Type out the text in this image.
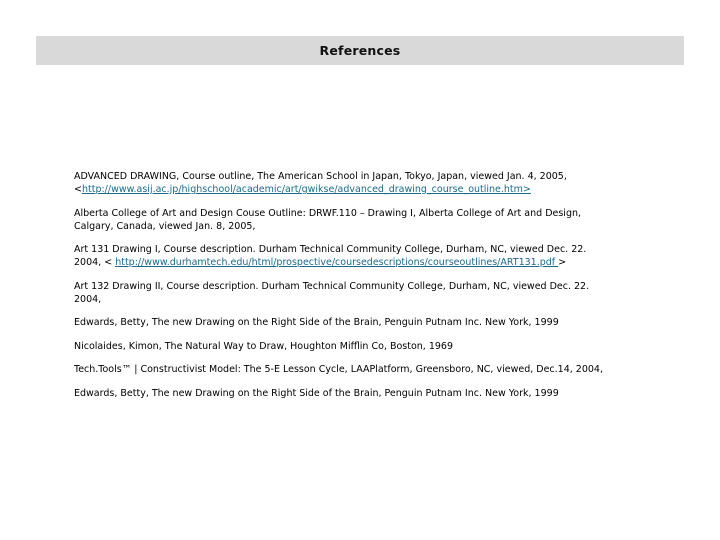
References
ADVANCED DRAWING, Course outline, The American School in Japan, Tokyo, Japan, viewed Jan. 4, 2005,
<http://www.asij.ac.jp/highschool/academic/art/gwikse/advanced_drawing_course_outline.htm>
Alberta College of Art and Design Couse Outline: DRWF.110 – Drawing I, Alberta College of Art and Design,
Calgary, Canada, viewed Jan. 8, 2005,
Art 131 Drawing I, Course description. Durham Technical Community College, Durham, NC, viewed Dec. 22.
2004, < http://www.durhamtech.edu/html/prospective/coursedescriptions/courseoutlines/ART131.pdf >
Art 132 Drawing II, Course description. Durham Technical Community College, Durham, NC, viewed Dec. 22.
2004,
Edwards, Betty, The new Drawing on the Right Side of the Brain, Penguin Putnam Inc. New York, 1999
Nicolaides, Kimon, The Natural Way to Draw, Houghton Mifflin Co, Boston, 1969
Tech.Tools™ | Constructivist Model: The 5-E Lesson Cycle, LAAPlatform, Greensboro, NC, viewed, Dec.14, 2004,
Edwards, Betty, The new Drawing on the Right Side of the Brain, Penguin Putnam Inc. New York, 1999
